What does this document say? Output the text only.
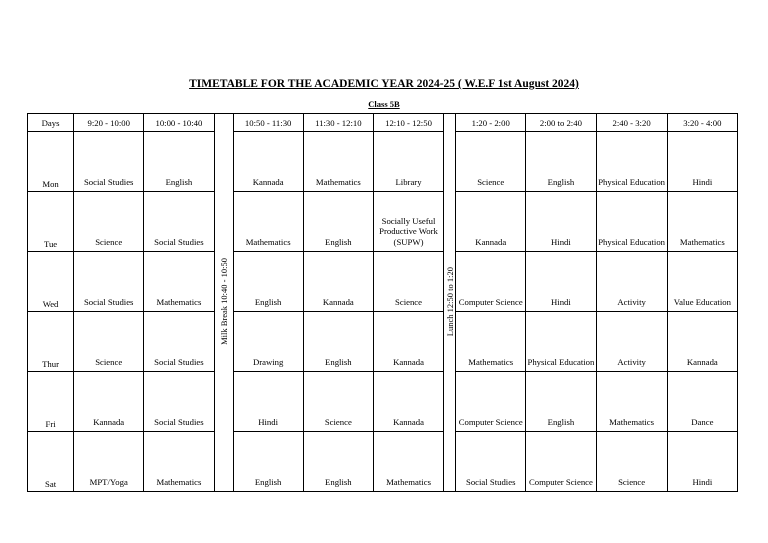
TIMETABLE FOR THE ACADEMIC YEAR 2024-25 ( W.E.F 1st August 2024)
Class 5B
Days	9:20 - 10:00	10:00 - 10:40	Milk Break 10:40 - 10:50	10:50 - 11:30	11:30 - 12:10	12:10 - 12:50	Lunch 12:50 to 1:20	1:20 - 2:00	2:00 to 2:40	2:40 - 3:20	3:20 - 4:00
Mon	Social Studies	English		Kannada	Mathematics	Library		Science	English	Physical Education	Hindi
Tue	Science	Social Studies		Mathematics	English	Socially Useful Productive Work (SUPW)		Kannada	Hindi	Physical Education	Mathematics
Wed	Social Studies	Mathematics		English	Kannada	Science		Computer Science	Hindi	Activity	Value Education
Thur	Science	Social Studies		Drawing	English	Kannada		Mathematics	Physical Education	Activity	Kannada
Fri	Kannada	Social Studies		Hindi	Science	Kannada		Computer Science	English	Mathematics	Dance
Sat	MPT/Yoga	Mathematics		English	English	Mathematics		Social Studies	Computer Science	Science	Hindi
